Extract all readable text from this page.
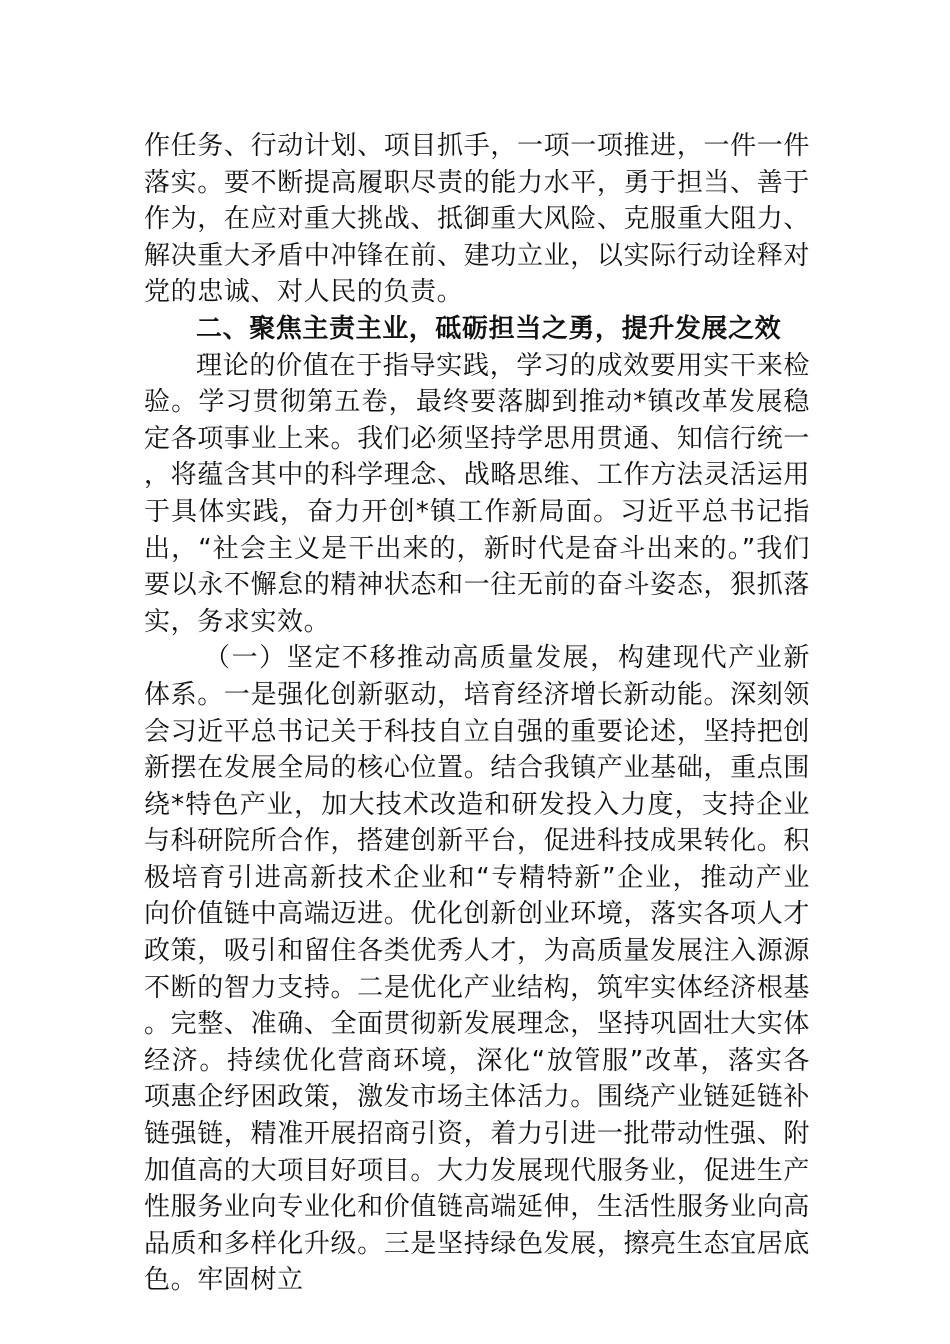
作任务、行动计划、项目抓手，一项一项推进，一件一件落实。要不断提高履职尽责的能力水平，勇于担当、善于作为，在应对重大挑战、抵御重大风险、克服重大阻力、解决重大矛盾中冲锋在前、建功立业，以实际行动诠释对党的忠诚、对人民的负责。

二、聚焦主责主业，砥砺担当之勇，提升发展之效

理论的价值在于指导实践，学习的成效要用实干来检验。学习贯彻第五卷，最终要落脚到推动*镇改革发展稳定各项事业上来。我们必须坚持学思用贯通、知信行统一，将蕴含其中的科学理念、战略思维、工作方法灵活运用于具体实践，奋力开创*镇工作新局面。习近平总书记指出，“社会主义是干出来的，新时代是奋斗出来的。”我们要以永不懈怠的精神状态和一往无前的奋斗姿态，狠抓落实，务求实效。

（一）坚定不移推动高质量发展，构建现代产业新体系。一是强化创新驱动，培育经济增长新动能。深刻领会习近平总书记关于科技自立自强的重要论述，坚持把创新摆在发展全局的核心位置。结合我镇产业基础，重点围绕*特色产业，加大技术改造和研发投入力度，支持企业与科研院所合作，搭建创新平台，促进科技成果转化。积极培育引进高新技术企业和“专精特新”企业，推动产业向价值链中高端迈进。优化创新创业环境，落实各项人才政策，吸引和留住各类优秀人才，为高质量发展注入源源不断的智力支持。二是优化产业结构，筑牢实体经济根基。完整、准确、全面贯彻新发展理念，坚持巩固壮大实体经济。持续优化营商环境，深化“放管服”改革，落实各项惠企纾困政策，激发市场主体活力。围绕产业链延链补链强链，精准开展招商引资，着力引进一批带动性强、附加值高的大项目好项目。大力发展现代服务业，促进生产性服务业向专业化和价值链高端延伸，生活性服务业向高品质和多样化升级。三是坚持绿色发展，擦亮生态宜居底色。牢固树立
